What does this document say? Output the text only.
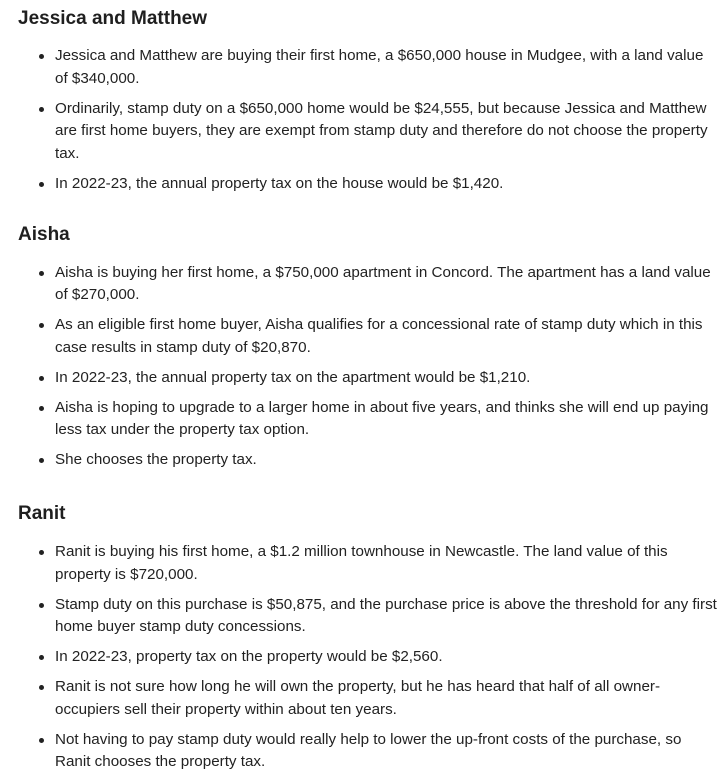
Jessica and Matthew
Jessica and Matthew are buying their first home, a $650,000 house in Mudgee, with a land value of $340,000.
Ordinarily, stamp duty on a $650,000 home would be $24,555, but because Jessica and Matthew are first home buyers, they are exempt from stamp duty and therefore do not choose the property tax.
In 2022-23, the annual property tax on the house would be $1,420.
Aisha
Aisha is buying her first home, a $750,000 apartment in Concord. The apartment has a land value of $270,000.
As an eligible first home buyer, Aisha qualifies for a concessional rate of stamp duty which in this case results in stamp duty of $20,870.
In 2022-23, the annual property tax on the apartment would be $1,210.
Aisha is hoping to upgrade to a larger home in about five years, and thinks she will end up paying less tax under the property tax option.
She chooses the property tax.
Ranit
Ranit is buying his first home, a $1.2 million townhouse in Newcastle. The land value of this property is $720,000.
Stamp duty on this purchase is $50,875, and the purchase price is above the threshold for any first home buyer stamp duty concessions.
In 2022-23, property tax on the property would be $2,560.
Ranit is not sure how long he will own the property, but he has heard that half of all owner-occupiers sell their property within about ten years.
Not having to pay stamp duty would really help to lower the up-front costs of the purchase, so Ranit chooses the property tax.
